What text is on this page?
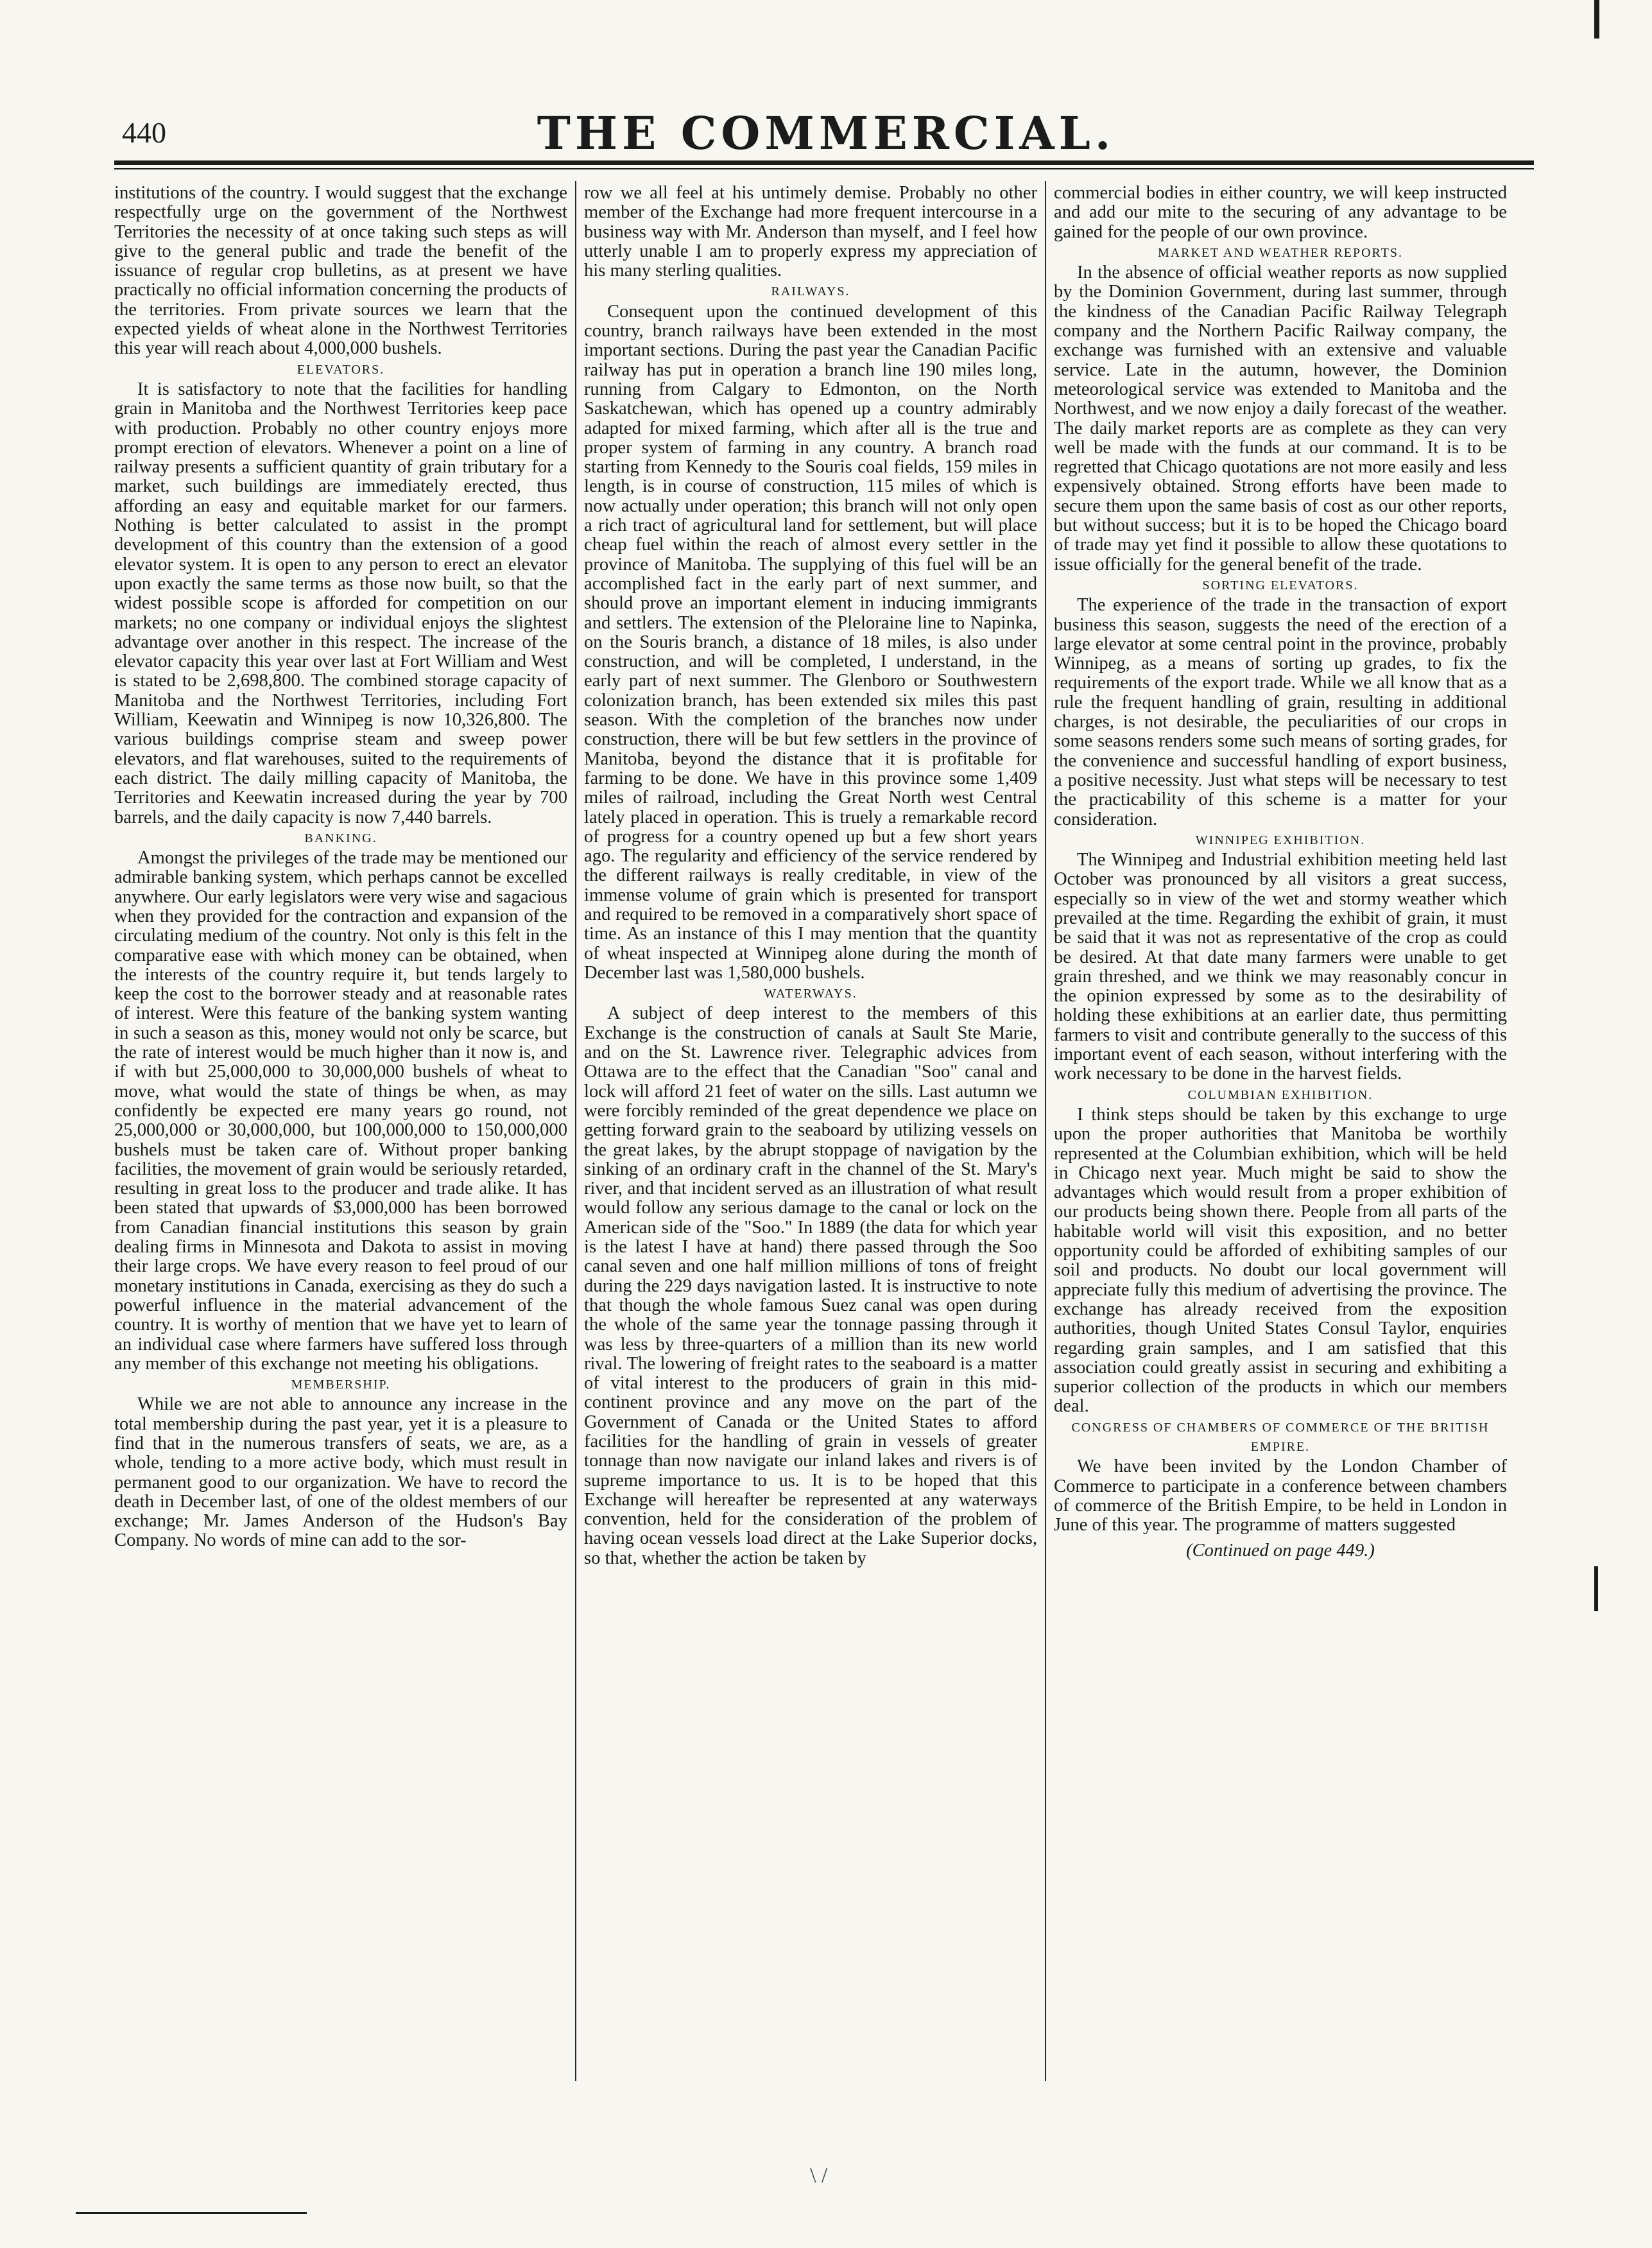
440	THE COMMERCIAL.

institutions of the country. I would suggest that the exchange respectfully urge on the government of the Northwest Territories the necessity of at once taking such steps as will give to the general public and trade the benefit of the issuance of regular crop bulletins, as at present we have practically no official information concerning the products of the territories. From private sources we learn that the expected yields of wheat alone in the Northwest Territories this year will reach about 4,000,000 bushels.

ELEVATORS.

It is satisfactory to note that the facilities for handling grain in Manitoba and the Northwest Territories keep pace with production. Probably no other country enjoys more prompt erection of elevators. Whenever a point on a line of railway presents a sufficient quantity of grain tributary for a market, such buildings are immediately erected, thus affording an easy and equitable market for our farmers. Nothing is better calculated to assist in the prompt development of this country than the extension of a good elevator system. It is open to any person to erect an elevator upon exactly the same terms as those now built, so that the widest possible scope is afforded for competition on our markets; no one company or individual enjoys the slightest advantage over another in this respect. The increase of the elevator capacity this year over last at Fort William and West is stated to be 2,698,800. The combined storage capacity of Manitoba and the Northwest Territories, including Fort William, Keewatin and Winnipeg is now 10,326,800. The various buildings comprise steam and sweep power elevators, and flat warehouses, suited to the requirements of each district. The daily milling capacity of Manitoba, the Territories and Keewatin increased during the year by 700 barrels, and the daily capacity is now 7,440 barrels.

BANKING.

Amongst the privileges of the trade may be mentioned our admirable banking system, which perhaps cannot be excelled anywhere. Our early legislators were very wise and sagacious when they provided for the contraction and expansion of the circulating medium of the country. Not only is this felt in the comparative ease with which money can be obtained, when the interests of the country require it, but tends largely to keep the cost to the borrower steady and at reasonable rates of interest. Were this feature of the banking system wanting in such a season as this, money would not only be scarce, but the rate of interest would be much higher than it now is, and if with but 25,000,000 to 30,000,000 bushels of wheat to move, what would the state of things be when, as may confidently be expected ere many years go round, not 25,000,000 or 30,000,000, but 100,000,000 to 150,000,000 bushels must be taken care of. Without proper banking facilities, the movement of grain would be seriously retarded, resulting in great loss to the producer and trade alike. It has been stated that upwards of $3,000,000 has been borrowed from Canadian financial institutions this season by grain dealing firms in Minnesota and Dakota to assist in moving their large crops. We have every reason to feel proud of our monetary institutions in Canada, exercising as they do such a powerful influence in the material advancement of the country. It is worthy of mention that we have yet to learn of an individual case where farmers have suffered loss through any member of this exchange not meeting his obligations.

MEMBERSHIP.

While we are not able to announce any increase in the total membership during the past year, yet it is a pleasure to find that in the numerous transfers of seats, we are, as a whole, tending to a more active body, which must result in permanent good to our organization. We have to record the death in December last, of one of the oldest members of our exchange; Mr. James Anderson of the Hudson's Bay Company. No words of mine can add to the sor-

row we all feel at his untimely demise. Probably no other member of the Exchange had more frequent intercourse in a business way with Mr. Anderson than myself, and I feel how utterly unable I am to properly express my appreciation of his many sterling qualities.

RAILWAYS.

Consequent upon the continued development of this country, branch railways have been extended in the most important sections. During the past year the Canadian Pacific railway has put in operation a branch line 190 miles long, running from Calgary to Edmonton, on the North Saskatchewan, which has opened up a country admirably adapted for mixed farming, which after all is the true and proper system of farming in any country. A branch road starting from Kennedy to the Souris coal fields, 159 miles in length, is in course of construction, 115 miles of which is now actually under operation; this branch will not only open a rich tract of agricultural land for settlement, but will place cheap fuel within the reach of almost every settler in the province of Manitoba. The supplying of this fuel will be an accomplished fact in the early part of next summer, and should prove an important element in inducing immigrants and settlers. The extension of the Pleloraine line to Napinka, on the Souris branch, a distance of 18 miles, is also under construction, and will be completed, I understand, in the early part of next summer. The Glenboro or Southwestern colonization branch, has been extended six miles this past season. With the completion of the branches now under construction, there will be but few settlers in the province of Manitoba, beyond the distance that it is profitable for farming to be done. We have in this province some 1,409 miles of railroad, including the Great North west Central lately placed in operation. This is truely a remarkable record of progress for a country opened up but a few short years ago. The regularity and efficiency of the service rendered by the different railways is really creditable, in view of the immense volume of grain which is presented for transport and required to be removed in a comparatively short space of time. As an instance of this I may mention that the quantity of wheat inspected at Winnipeg alone during the month of December last was 1,580,000 bushels.

WATERWAYS.

A subject of deep interest to the members of this Exchange is the construction of canals at Sault Ste Marie, and on the St. Lawrence river. Telegraphic advices from Ottawa are to the effect that the Canadian "Soo" canal and lock will afford 21 feet of water on the sills. Last autumn we were forcibly reminded of the great dependence we place on getting forward grain to the seaboard by utilizing vessels on the great lakes, by the abrupt stoppage of navigation by the sinking of an ordinary craft in the channel of the St. Mary's river, and that incident served as an illustration of what result would follow any serious damage to the canal or lock on the American side of the "Soo." In 1889 (the data for which year is the latest I have at hand) there passed through the Soo canal seven and one half million millions of tons of freight during the 229 days navigation lasted. It is instructive to note that though the whole famous Suez canal was open during the whole of the same year the tonnage passing through it was less by three-quarters of a million than its new world rival. The lowering of freight rates to the seaboard is a matter of vital interest to the producers of grain in this mid-continent province and any move on the part of the Government of Canada or the United States to afford facilities for the handling of grain in vessels of greater tonnage than now navigate our inland lakes and rivers is of supreme importance to us. It is to be hoped that this Exchange will hereafter be represented at any waterways convention, held for the consideration of the problem of having ocean vessels load direct at the Lake Superior docks, so that, whether the action be taken by

commercial bodies in either country, we will keep instructed and add our mite to the securing of any advantage to be gained for the people of our own province.

MARKET AND WEATHER REPORTS.

In the absence of official weather reports as now supplied by the Dominion Government, during last summer, through the kindness of the Canadian Pacific Railway Telegraph company and the Northern Pacific Railway company, the exchange was furnished with an extensive and valuable service. Late in the autumn, however, the Dominion meteorological service was extended to Manitoba and the Northwest, and we now enjoy a daily forecast of the weather. The daily market reports are as complete as they can very well be made with the funds at our command. It is to be regretted that Chicago quotations are not more easily and less expensively obtained. Strong efforts have been made to secure them upon the same basis of cost as our other reports, but without success; but it is to be hoped the Chicago board of trade may yet find it possible to allow these quotations to issue officially for the general benefit of the trade.

SORTING ELEVATORS.

The experience of the trade in the transaction of export business this season, suggests the need of the erection of a large elevator at some central point in the province, probably Winnipeg, as a means of sorting up grades, to fix the requirements of the export trade. While we all know that as a rule the frequent handling of grain, resulting in additional charges, is not desirable, the peculiarities of our crops in some seasons renders some such means of sorting grades, for the convenience and successful handling of export business, a positive necessity. Just what steps will be necessary to test the practicability of this scheme is a matter for your consideration.

WINNIPEG EXHIBITION.

The Winnipeg and Industrial exhibition meeting held last October was pronounced by all visitors a great success, especially so in view of the wet and stormy weather which prevailed at the time. Regarding the exhibit of grain, it must be said that it was not as representative of the crop as could be desired. At that date many farmers were unable to get grain threshed, and we think we may reasonably concur in the opinion expressed by some as to the desirability of holding these exhibitions at an earlier date, thus permitting farmers to visit and contribute generally to the success of this important event of each season, without interfering with the work necessary to be done in the harvest fields.

COLUMBIAN EXHIBITION.

I think steps should be taken by this exchange to urge upon the proper authorities that Manitoba be worthily represented at the Columbian exhibition, which will be held in Chicago next year. Much might be said to show the advantages which would result from a proper exhibition of our products being shown there. People from all parts of the habitable world will visit this exposition, and no better opportunity could be afforded of exhibiting samples of our soil and products. No doubt our local government will appreciate fully this medium of advertising the province. The exchange has already received from the exposition authorities, though United States Consul Taylor, enquiries regarding grain samples, and I am satisfied that this association could greatly assist in securing and exhibiting a superior collection of the products in which our members deal.

CONGRESS OF CHAMBERS OF COMMERCE OF THE BRITISH EMPIRE.

We have been invited by the London Chamber of Commerce to participate in a conference between chambers of commerce of the British Empire, to be held in London in June of this year. The programme of matters suggested

(Continued on page 449.)
\ /
